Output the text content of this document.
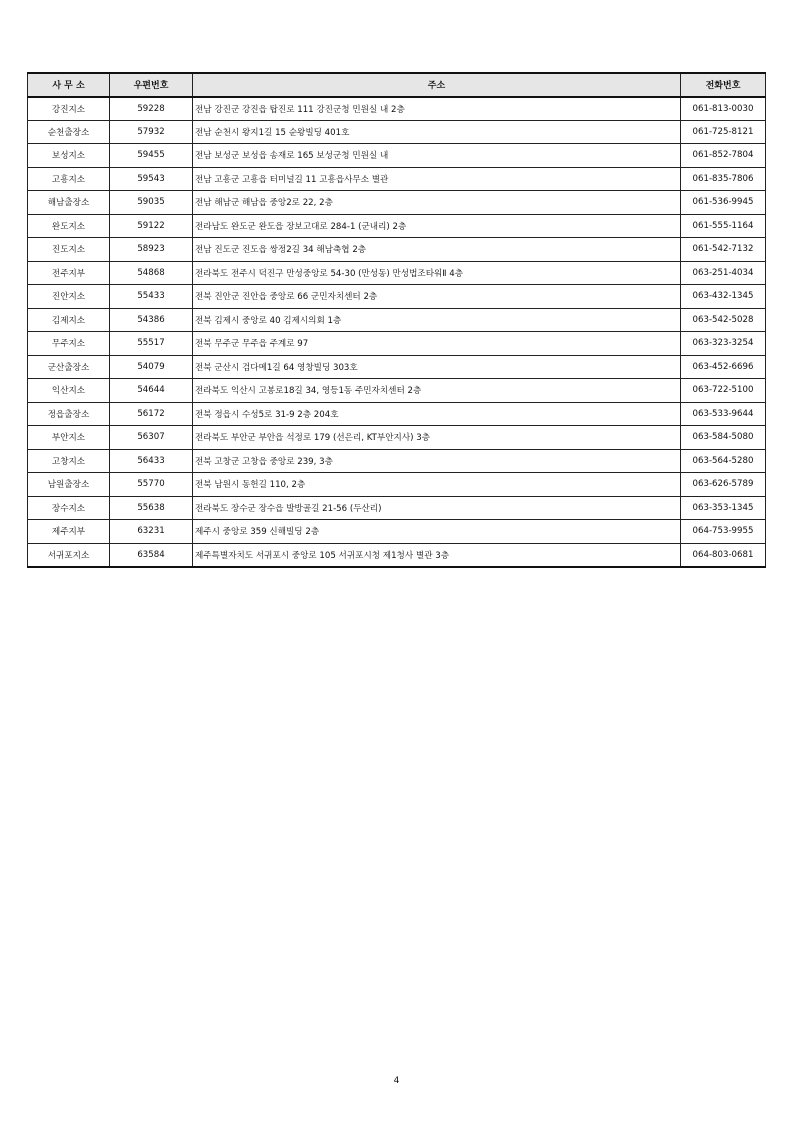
사 무 소	우편번호	주소	전화번호
강진지소	59228	전남 강진군 강진읍 탑진로 111 강진군청 민원실 내 2층	061-813-0030
순천출장소	57932	전남 순천시 왕지1길 15 순왕빌딩 401호	061-725-8121
보성지소	59455	전남 보성군 보성읍 송재로 165 보성군청 민원실 내	061-852-7804
고흥지소	59543	전남 고흥군 고흥읍 터미널길 11 고흥읍사무소 별관	061-835-7806
해남출장소	59035	전남 해남군 해남읍 중앙2로 22, 2층	061-536-9945
완도지소	59122	전라남도 완도군 완도읍 장보고대로 284-1 (군내리) 2층	061-555-1164
진도지소	58923	전남 진도군 진도읍 쌍정2길 34 해남축협 2층	061-542-7132
전주지부	54868	전라북도 전주시 덕진구 만성중앙로 54-30 (만성동) 만성법조타워Ⅱ 4층	063-251-4034
진안지소	55433	전북 진안군 진안읍 중앙로 66 군민자치센터 2층	063-432-1345
김제지소	54386	전북 김제시 중앙로 40 김제시의회 1층	063-542-5028
무주지소	55517	전북 무주군 무주읍 주계로 97	063-323-3254
군산출장소	54079	전북 군산시 검다메1길 64 영창빌딩 303호	063-452-6696
익산지소	54644	전라북도 익산시 고봉로18길 34, 영등1동 주민자치센터 2층	063-722-5100
정읍출장소	56172	전북 정읍시 수성5로 31-9 2층 204호	063-533-9644
부안지소	56307	전라북도 부안군 부안읍 석정로 179 (선은리, KT부안지사) 3층	063-584-5080
고창지소	56433	전북 고창군 고창읍 중앙로 239, 3층	063-564-5280
남원출장소	55770	전북 남원시 동헌길 110, 2층	063-626-5789
장수지소	55638	전라북도 장수군 장수읍 발방골길 21-56 (두산리)	063-353-1345
제주지부	63231	제주시 중앙로 359 신해빌딩 2층	064-753-9955
서귀포지소	63584	제주특별자치도 서귀포시 중앙로 105 서귀포시청 제1청사 별관 3층	064-803-0681
4
